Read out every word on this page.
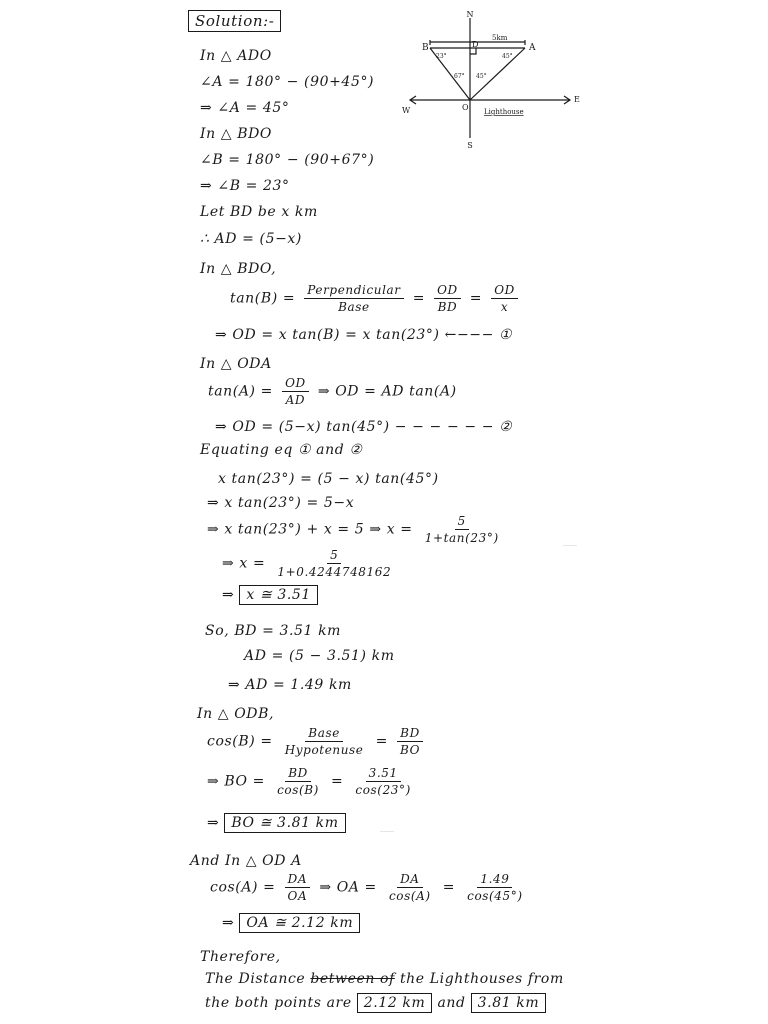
Solution:-	N
S
E
W
B	A
D
O
5km
23°	45°
67° 45°
Lighthouse
In △ ADO
∠A = 180° − (90+45°)
⇒ ∠A = 45°
In △ BDO
∠B = 180° − (90+67°)
⇒ ∠B = 23°
Let BD be x km
∴ AD = (5−x)
In △ BDO,
$\tan(B) = \frac{\text{Perpendicular}}{\text{Base}} = \frac{OD}{BD} = \frac{OD}{x}$
⇒ OD = x tan(B) = x tan(23°) ←−−− ①
In △ ODA
$\tan(A) = \frac{OD}{AD}$ ⇒ OD = AD tan(A)
⇒ OD = (5−x) tan(45°) − − − − − − ②
Equating eq ① and ②
x tan(23°) = (5 − x) tan(45°)
⇒ x tan(23°) = 5−x
⇒ x tan(23°) + x = 5 ⇒ $x = \frac{5}{1+\tan(23^\circ)}$
⇒ $x = \frac{5}{1+0.4244748162}$
⇒ x ≅ 3.51
So, BD = 3.51 km
AD = (5 − 3.51) km
⇒ AD = 1.49 km
In △ ODB,
$\cos(B) = \frac{\text{Base}}{\text{Hypotenuse}} = \frac{BD}{BO}$
⇒ BO = $\frac{BD}{\cos(B)} = \frac{3.51}{\cos(23^\circ)}$
⇒ BO ≅ 3.81 km
And In △ OD A
$\cos(A) = \frac{DA}{OA}$ ⇒ OA = $\frac{DA}{\cos(A)} = \frac{1.49}{\cos(45^\circ)}$
⇒ OA ≅ 2.12 km
Therefore,
The Distance between of the Lighthouses from
the both points are 2.12 km and 3.81 km
